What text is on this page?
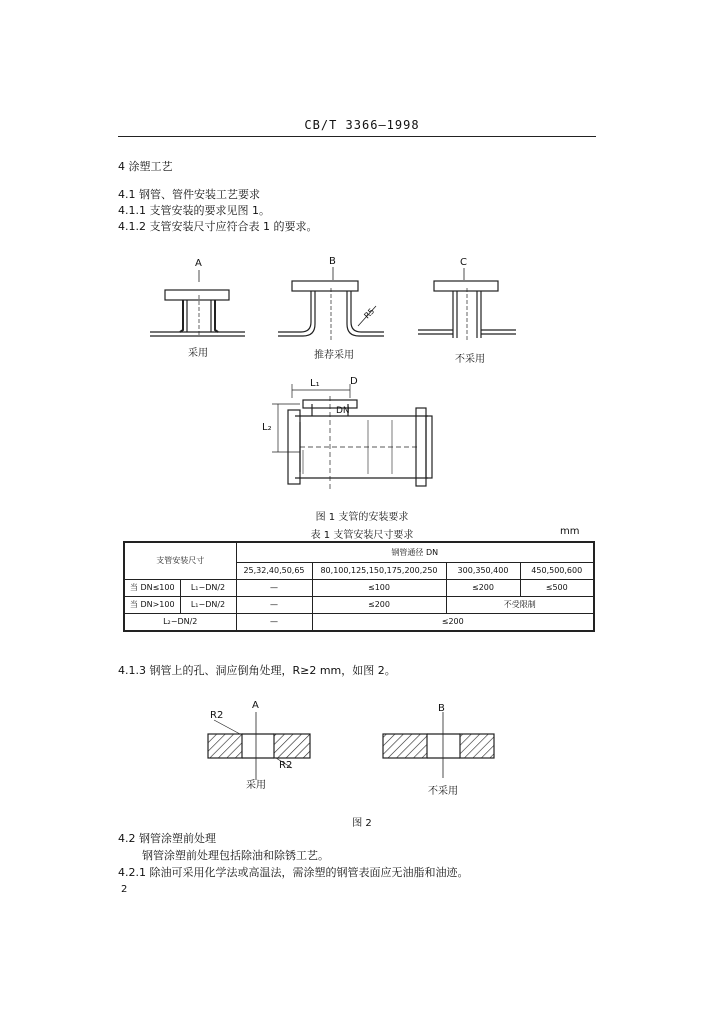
CB/T 3366—1998
4 涂塑工艺
4.1 钢管、管件安装工艺要求
4.1.1 支管安装的要求见图 1。
4.1.2 支管安装尺寸应符合表 1 的要求。
A	B	C
R5
采用	推荐采用	不采用
D
L₁
L₂
DN
图 1 支管的安装要求
表 1 支管安装尺寸要求	mm
支管安装尺寸		钢管通径 DN			
		25,32,40,50,65	80,100,125,150,175,200,250	300,350,400	450,500,600
当 DN≤100	L₁−DN/2	—	≤100	≤200	≤500
当 DN>100	L₁−DN/2	—	≤200	不受限制	
L₂−DN/2		—	≤200		
4.1.3 钢管上的孔、洞应倒角处理，R≥2 mm，如图 2。
A	B
R2
R2
采用
不采用
图 2
4.2 钢管涂塑前处理
钢管涂塑前处理包括除油和除锈工艺。
4.2.1 除油可采用化学法或高温法，需涂塑的钢管表面应无油脂和油迹。
2
